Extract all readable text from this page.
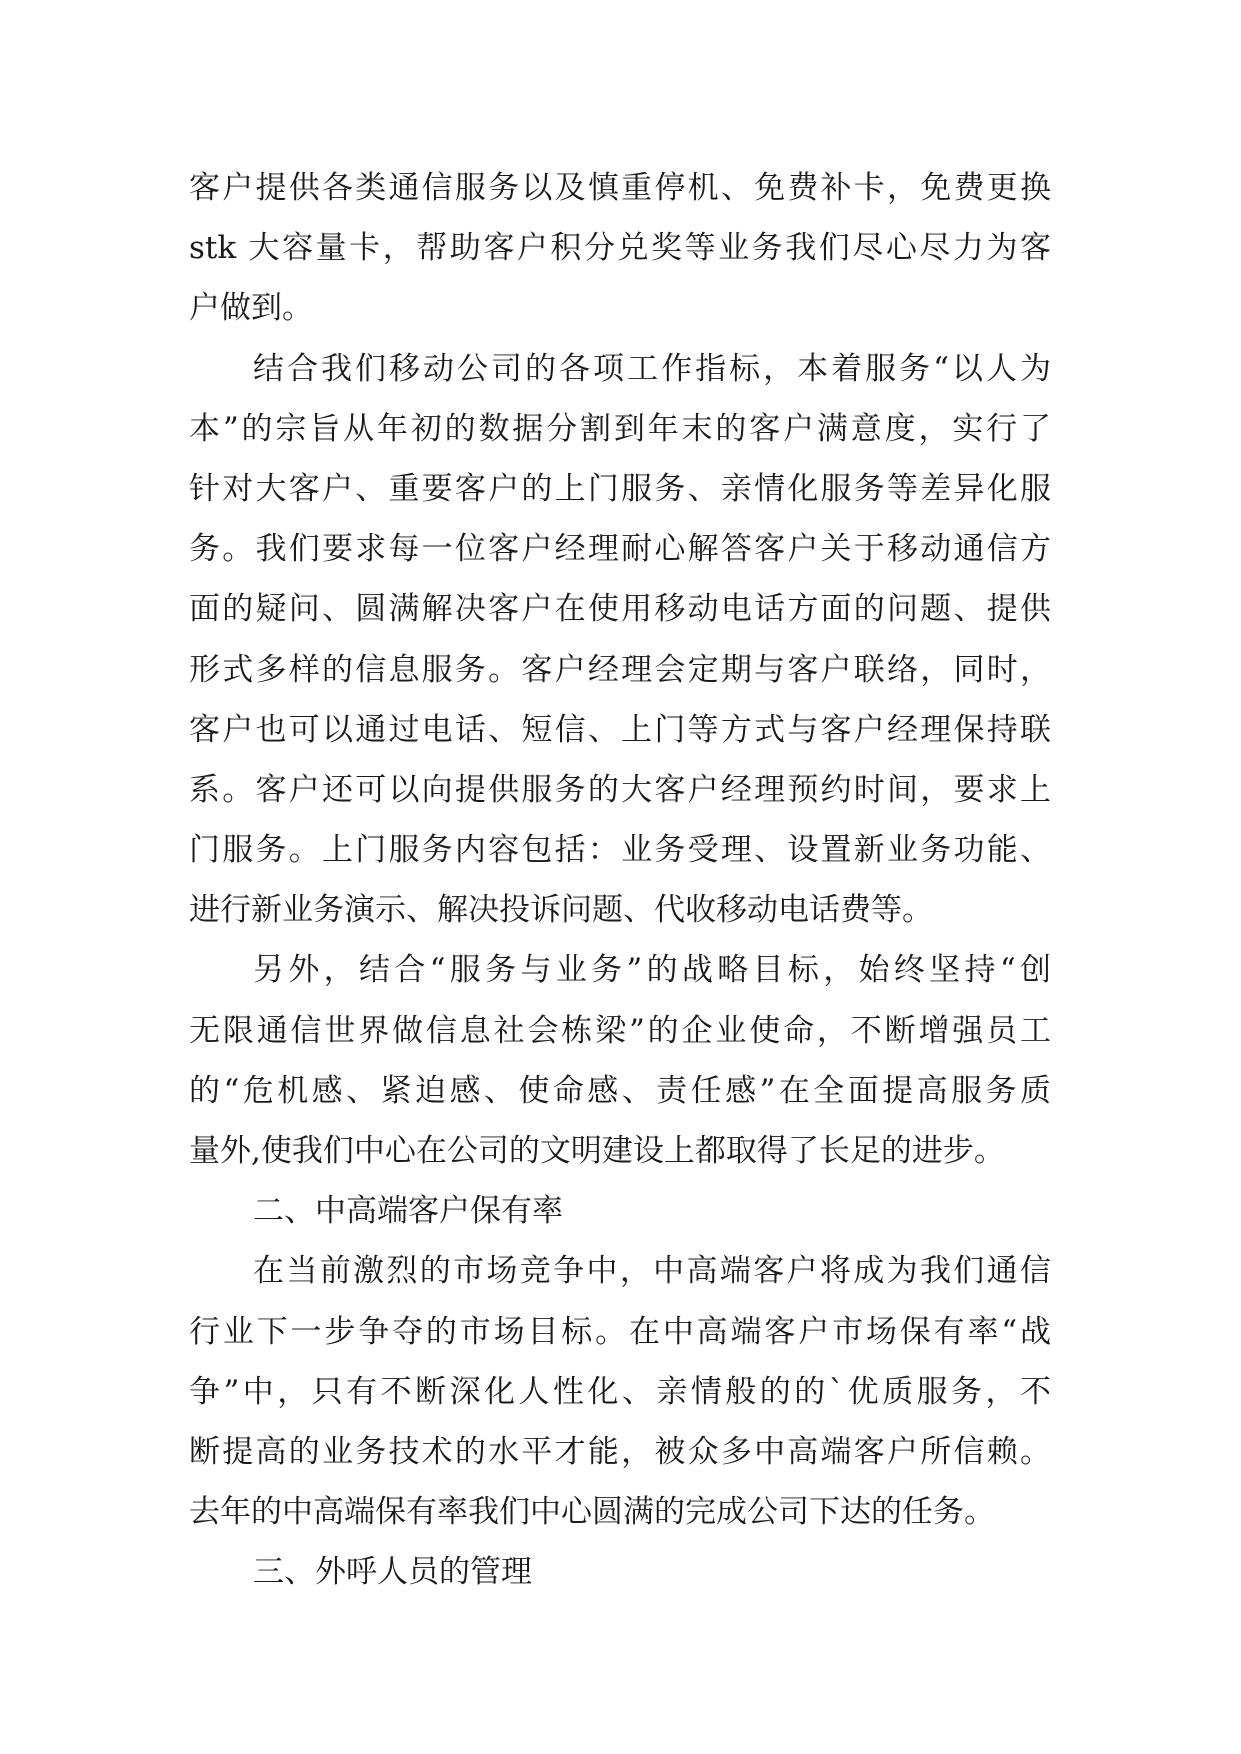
客户提供各类通信服务以及慎重停机、免费补卡，免费更换
stk 大容量卡，帮助客户积分兑奖等业务我们尽心尽力为客
户做到。
结合我们移动公司的各项工作指标，本着服务“以人为
本”的宗旨从年初的数据分割到年末的客户满意度，实行了
针对大客户、重要客户的上门服务、亲情化服务等差异化服
务。我们要求每一位客户经理耐心解答客户关于移动通信方
面的疑问、圆满解决客户在使用移动电话方面的问题、提供
形式多样的信息服务。客户经理会定期与客户联络，同时，
客户也可以通过电话、短信、上门等方式与客户经理保持联
系。客户还可以向提供服务的大客户经理预约时间，要求上
门服务。上门服务内容包括：业务受理、设置新业务功能、
进行新业务演示、解决投诉问题、代收移动电话费等。
另外，结合“服务与业务”的战略目标，始终坚持“创
无限通信世界做信息社会栋梁”的企业使命，不断增强员工
的“危机感、紧迫感、使命感、责任感”在全面提高服务质
量外,使我们中心在公司的文明建设上都取得了长足的进步。
二、中高端客户保有率
在当前激烈的市场竞争中，中高端客户将成为我们通信
行业下一步争夺的市场目标。在中高端客户市场保有率“战
争”中，只有不断深化人性化、亲情般的的`优质服务，不
断提高的业务技术的水平才能，被众多中高端客户所信赖。
去年的中高端保有率我们中心圆满的完成公司下达的任务。
三、外呼人员的管理
